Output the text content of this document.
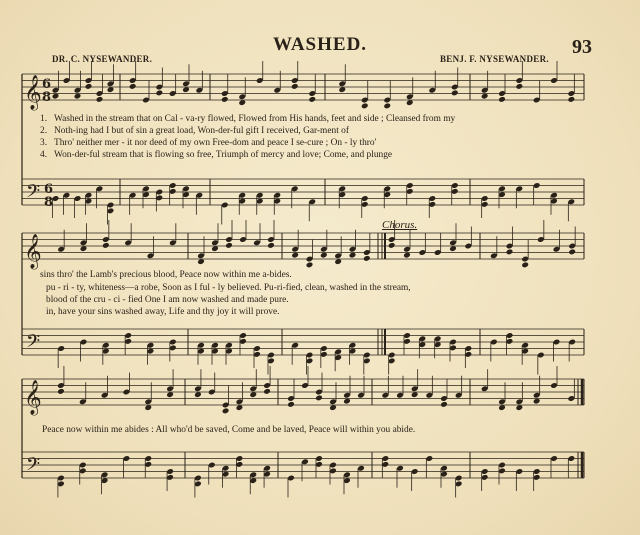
𝄞
𝄢
6
8
6
8
𝄞
𝄢
𝄞
𝄢
WASHED.	93
DR. C. NYSEWANDER.	BENJ. F. NYSEWANDER.
1. Washed in the stream that on Cal - va-ry flowed, Flowed from His hands, feet and side ; Cleansed from my
2. Noth-ing had I but of sin a great load, Won-der-ful gift I received, Gar-ment of
3. Thro' neither mer - it nor deed of my own Free-dom and peace I se-cure ; On - ly thro'
4. Won-der-ful stream that is flowing so free, Triumph of mercy and love; Come, and plunge
Chorus.
sins thro' the Lamb's precious blood, Peace now within me a-bides.
pu - ri - ty, whiteness—a robe, Soon as I ful - ly believed. Pu-ri-fied, clean, washed in the stream,
blood of the cru - ci - fied One I am now washed and made pure.
in, have your sins washed away, Life and thy joy it will prove.
Peace now within me abides : All who'd be saved, Come and be laved, Peace will within you abide.
